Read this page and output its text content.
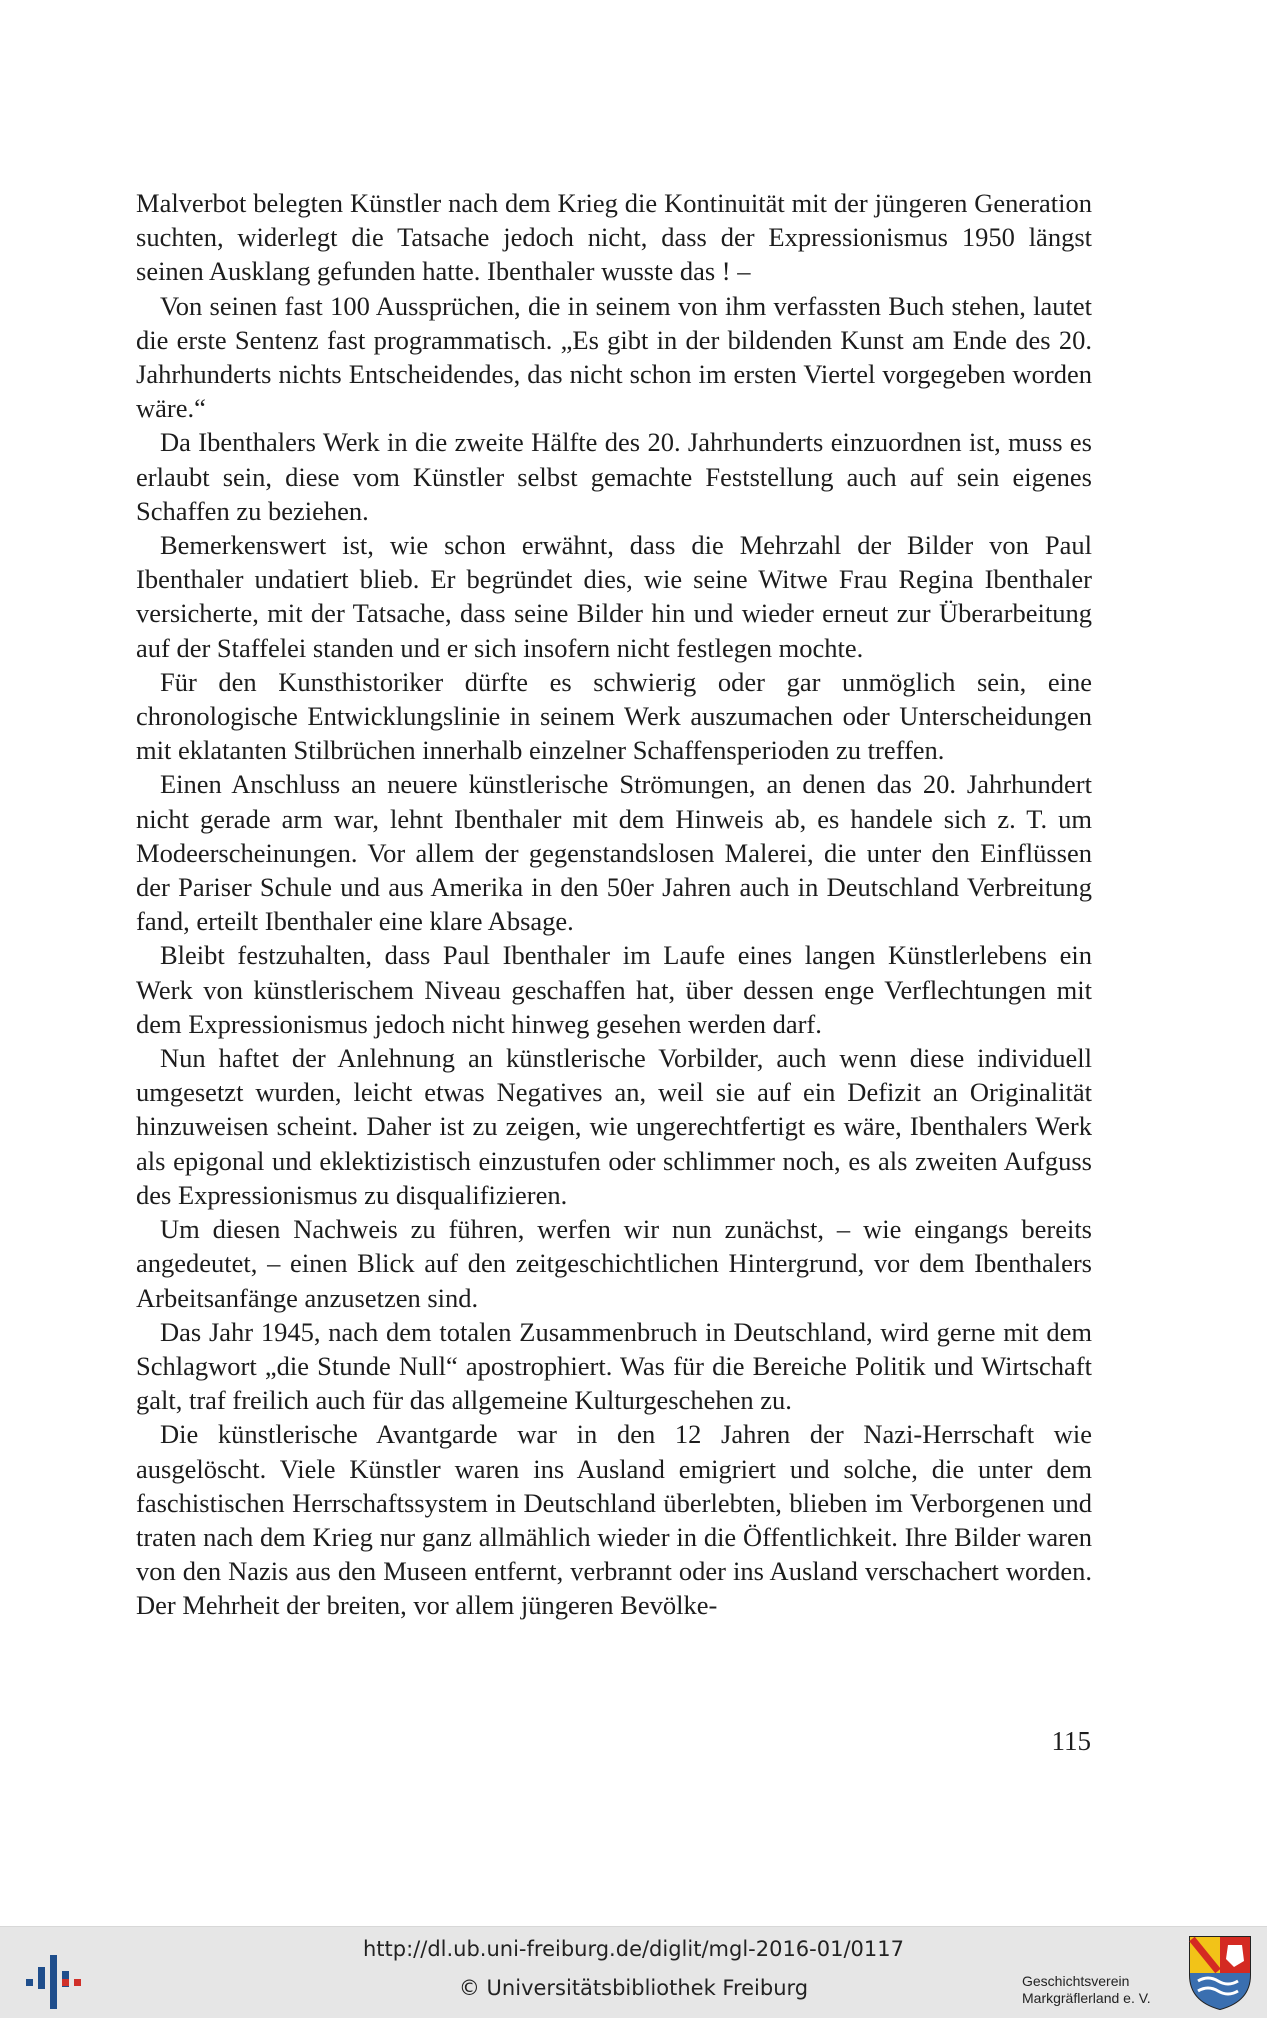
Malverbot belegten Künstler nach dem Krieg die Kontinuität mit der jüngeren Generation suchten, widerlegt die Tatsache jedoch nicht, dass der Expressionismus 1950 längst seinen Ausklang gefunden hatte. Ibenthaler wusste das ! –

Von seinen fast 100 Aussprüchen, die in seinem von ihm verfassten Buch stehen, lautet die erste Sentenz fast programmatisch. „Es gibt in der bildenden Kunst am Ende des 20. Jahrhunderts nichts Entscheidendes, das nicht schon im ersten Viertel vorgegeben worden wäre.“

Da Ibenthalers Werk in die zweite Hälfte des 20. Jahrhunderts einzuordnen ist, muss es erlaubt sein, diese vom Künstler selbst gemachte Feststellung auch auf sein eigenes Schaffen zu beziehen.

Bemerkenswert ist, wie schon erwähnt, dass die Mehrzahl der Bilder von Paul Ibenthaler undatiert blieb. Er begründet dies, wie seine Witwe Frau Regina Ibenthaler versicherte, mit der Tatsache, dass seine Bilder hin und wieder erneut zur Überarbeitung auf der Staffelei standen und er sich insofern nicht festlegen mochte.

Für den Kunsthistoriker dürfte es schwierig oder gar unmöglich sein, eine chronologische Entwicklungslinie in seinem Werk auszumachen oder Unterscheidungen mit eklatanten Stilbrüchen innerhalb einzelner Schaffensperioden zu treffen.

Einen Anschluss an neuere künstlerische Strömungen, an denen das 20. Jahrhundert nicht gerade arm war, lehnt Ibenthaler mit dem Hinweis ab, es handele sich z. T. um Modeerscheinungen. Vor allem der gegenstandslosen Malerei, die unter den Einflüssen der Pariser Schule und aus Amerika in den 50er Jahren auch in Deutschland Verbreitung fand, erteilt Ibenthaler eine klare Absage.

Bleibt festzuhalten, dass Paul Ibenthaler im Laufe eines langen Künstlerlebens ein Werk von künstlerischem Niveau geschaffen hat, über dessen enge Verflechtungen mit dem Expressionismus jedoch nicht hinweg gesehen werden darf.

Nun haftet der Anlehnung an künstlerische Vorbilder, auch wenn diese individuell umgesetzt wurden, leicht etwas Negatives an, weil sie auf ein Defizit an Originalität hinzuweisen scheint. Daher ist zu zeigen, wie ungerechtfertigt es wäre, Ibenthalers Werk als epigonal und eklektizistisch einzustufen oder schlimmer noch, es als zweiten Aufguss des Expressionismus zu disqualifizieren.

Um diesen Nachweis zu führen, werfen wir nun zunächst, – wie eingangs bereits angedeutet, – einen Blick auf den zeitgeschichtlichen Hintergrund, vor dem Ibenthalers Arbeitsanfänge anzusetzen sind.

Das Jahr 1945, nach dem totalen Zusammenbruch in Deutschland, wird gerne mit dem Schlagwort „die Stunde Null“ apostrophiert. Was für die Bereiche Politik und Wirtschaft galt, traf freilich auch für das allgemeine Kulturgeschehen zu.

Die künstlerische Avantgarde war in den 12 Jahren der Nazi-Herrschaft wie ausgelöscht. Viele Künstler waren ins Ausland emigriert und solche, die unter dem faschistischen Herrschaftssystem in Deutschland überlebten, blieben im Verborgenen und traten nach dem Krieg nur ganz allmählich wieder in die Öffentlichkeit. Ihre Bilder waren von den Nazis aus den Museen entfernt, verbrannt oder ins Ausland verschachert worden. Der Mehrheit der breiten, vor allem jüngeren Bevölke-

115
http://dl.ub.uni-freiburg.de/diglit/mgl-2016-01/0117
© Universitätsbibliothek Freiburg	Geschichtsverein
Markgräflerland e. V.
